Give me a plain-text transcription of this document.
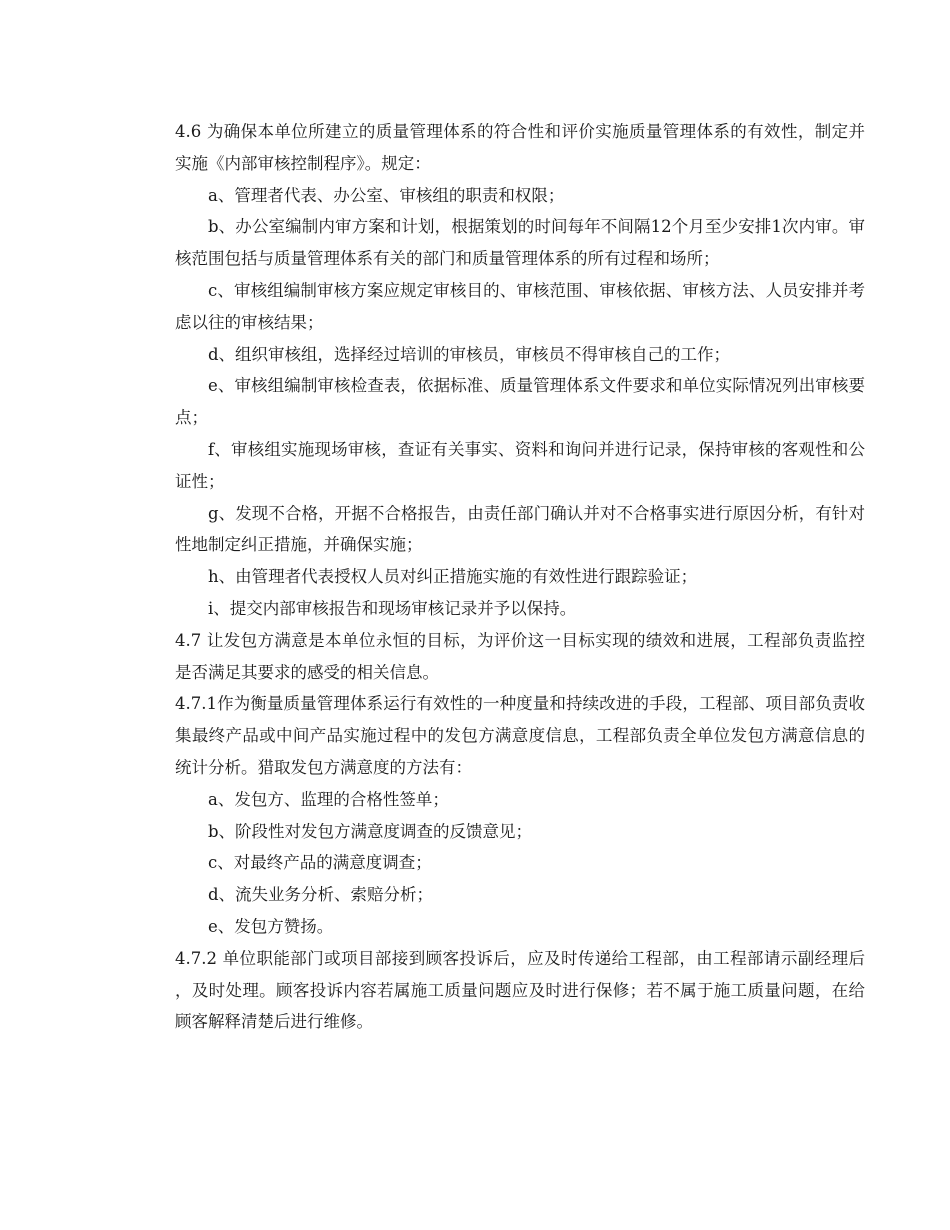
4.6 为确保本单位所建立的质量管理体系的符合性和评价实施质量管理体系的有效性，制定并实施《内部审核控制程序》。规定：

a、管理者代表、办公室、审核组的职责和权限；

b、办公室编制内审方案和计划，根据策划的时间每年不间隔12个月至少安排1次内审。审核范围包括与质量管理体系有关的部门和质量管理体系的所有过程和场所；

c、审核组编制审核方案应规定审核目的、审核范围、审核依据、审核方法、人员安排并考虑以往的审核结果；

d、组织审核组，选择经过培训的审核员，审核员不得审核自己的工作；

e、审核组编制审核检查表，依据标准、质量管理体系文件要求和单位实际情况列出审核要点；

f、审核组实施现场审核，查证有关事实、资料和询问并进行记录，保持审核的客观性和公证性；

g、发现不合格，开据不合格报告，由责任部门确认并对不合格事实进行原因分析，有针对性地制定纠正措施，并确保实施；

h、由管理者代表授权人员对纠正措施实施的有效性进行跟踪验证；

i、提交内部审核报告和现场审核记录并予以保持。

4.7 让发包方满意是本单位永恒的目标，为评价这一目标实现的绩效和进展，工程部负责监控是否满足其要求的感受的相关信息。

4.7.1作为衡量质量管理体系运行有效性的一种度量和持续改进的手段，工程部、项目部负责收集最终产品或中间产品实施过程中的发包方满意度信息，工程部负责全单位发包方满意信息的统计分析。猎取发包方满意度的方法有：

a、发包方、监理的合格性签单；

b、阶段性对发包方满意度调查的反馈意见；

c、对最终产品的满意度调查；

d、流失业务分析、索赔分析；

e、发包方赞扬。

4.7.2 单位职能部门或项目部接到顾客投诉后，应及时传递给工程部，由工程部请示副经理后，及时处理。顾客投诉内容若属施工质量问题应及时进行保修；若不属于施工质量问题，在给顾客解释清楚后进行维修。
